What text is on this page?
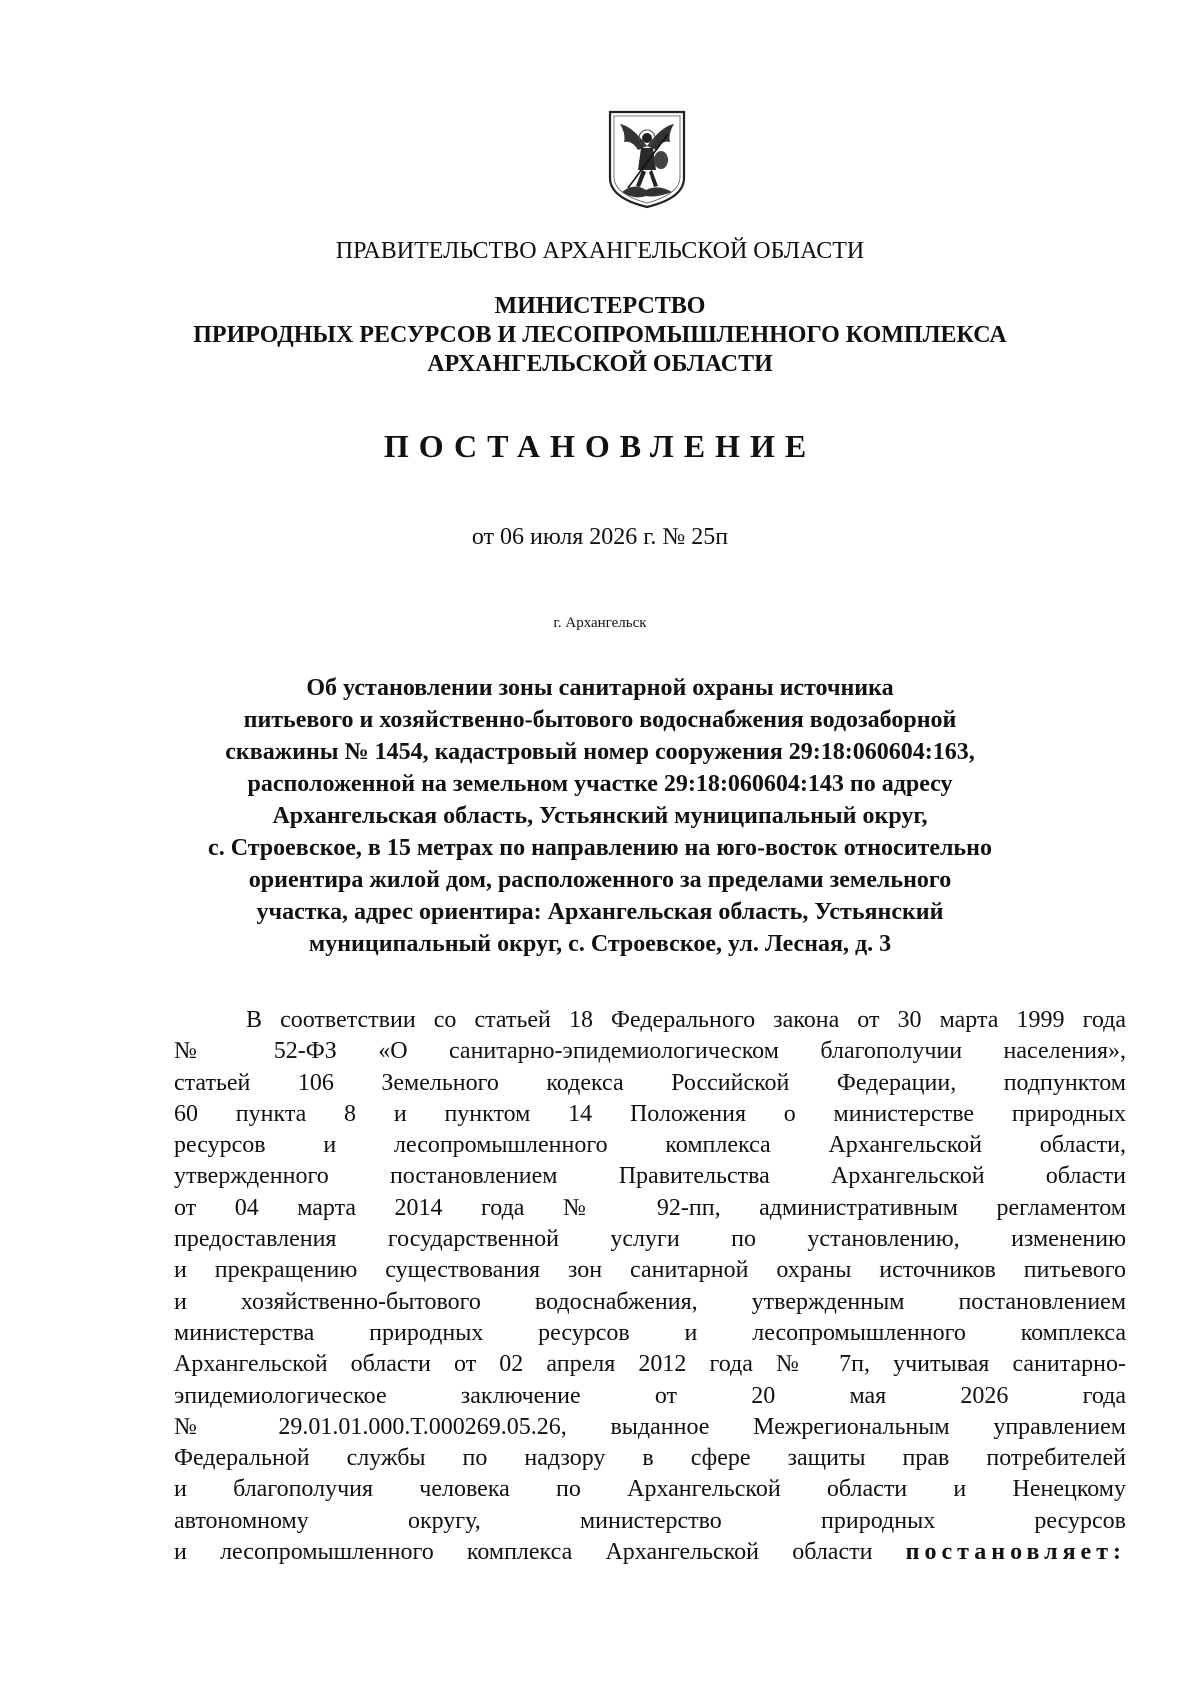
ПРАВИТЕЛЬСТВО АРХАНГЕЛЬСКОЙ ОБЛАСТИ
МИНИСТЕРСТВО
ПРИРОДНЫХ РЕСУРСОВ И ЛЕСОПРОМЫШЛЕННОГО КОМПЛЕКСА
АРХАНГЕЛЬСКОЙ ОБЛАСТИ
ПОСТАНОВЛЕНИЕ
от 06 июля 2026 г. № 25п
г. Архангельск
Об установлении зоны санитарной охраны источника
питьевого и хозяйственно-бытового водоснабжения водозаборной
скважины № 1454, кадастровый номер сооружения 29:18:060604:163,
расположенной на земельном участке 29:18:060604:143 по адресу
Архангельская область, Устьянский муниципальный округ,
с. Строевское, в 15 метрах по направлению на юго-восток относительно
ориентира жилой дом, расположенного за пределами земельного
участка, адрес ориентира: Архангельская область, Устьянский
муниципальный округ, с. Строевское, ул. Лесная, д. 3
В соответствии со статьей 18 Федерального закона от 30 марта 1999 года
№ 52-ФЗ «О санитарно-эпидемиологическом благополучии населения»,
статьей 106 Земельного кодекса Российской Федерации, подпунктом
60 пункта 8 и пунктом 14 Положения о министерстве природных
ресурсов и лесопромышленного комплекса Архангельской области,
утвержденного постановлением Правительства Архангельской области
от 04 марта 2014 года № 92-пп, административным регламентом
предоставления государственной услуги по установлению, изменению
и прекращению существования зон санитарной охраны источников питьевого
и хозяйственно-бытового водоснабжения, утвержденным постановлением
министерства природных ресурсов и лесопромышленного комплекса
Архангельской области от 02 апреля 2012 года № 7п, учитывая санитарно-
эпидемиологическое заключение от 20 мая 2026 года
№ 29.01.01.000.Т.000269.05.26, выданное Межрегиональным управлением
Федеральной службы по надзору в сфере защиты прав потребителей
и благополучия человека по Архангельской области и Ненецкому
автономному округу, министерство природных ресурсов
и лесопромышленного комплекса Архангельской области постановляет:
